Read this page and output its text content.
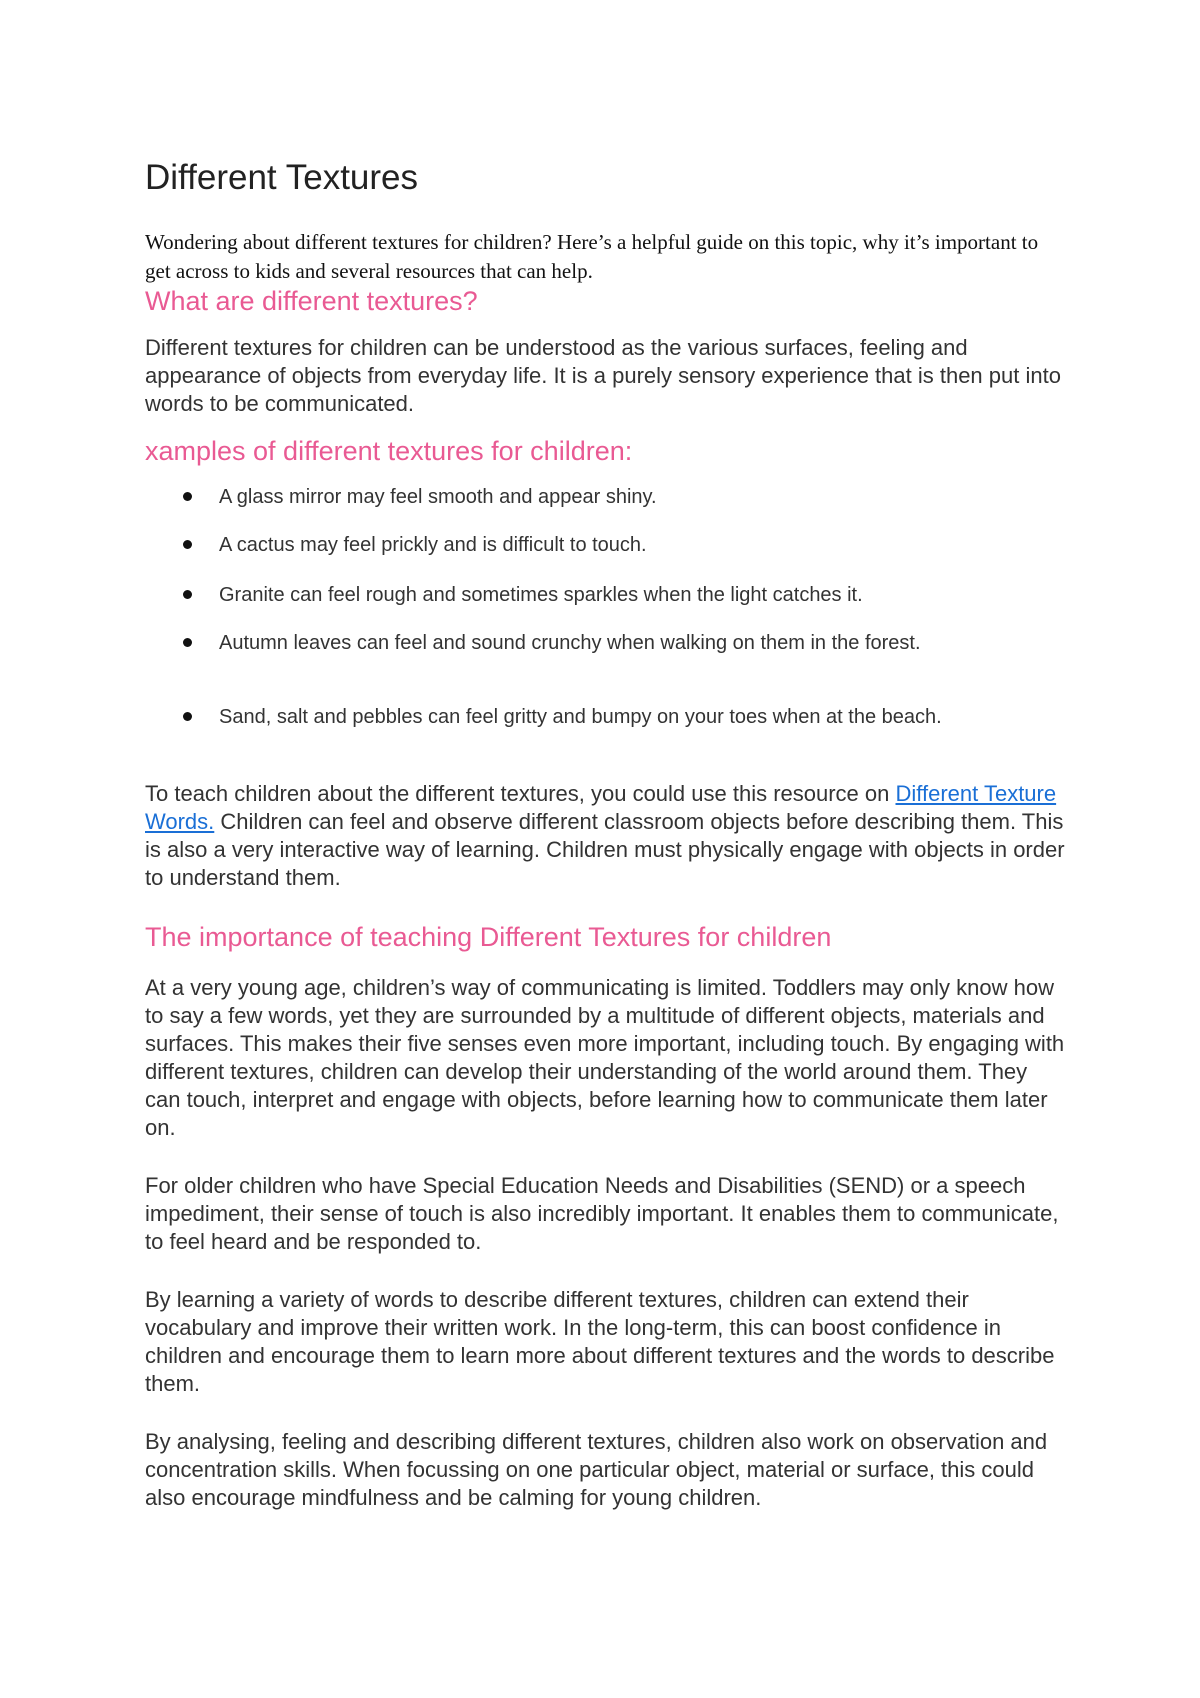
Different Textures

Wondering about different textures for children? Here’s a helpful guide on this topic, why it’s important to get across to kids and several resources that can help.

What are different textures?

Different textures for children can be understood as the various surfaces, feeling and appearance of objects from everyday life. It is a purely sensory experience that is then put into words to be communicated.

xamples of different textures for children:
A glass mirror may feel smooth and appear shiny.
A cactus may feel prickly and is difficult to touch.
Granite can feel rough and sometimes sparkles when the light catches it.
Autumn leaves can feel and sound crunchy when walking on them in the forest.
Sand, salt and pebbles can feel gritty and bumpy on your toes when at the beach.

To teach children about the different textures, you could use this resource on Different Texture Words. Children can feel and observe different classroom objects before describing them. This is also a very interactive way of learning. Children must physically engage with objects in order to understand them.

The importance of teaching Different Textures for children

At a very young age, children’s way of communicating is limited. Toddlers may only know how to say a few words, yet they are surrounded by a multitude of different objects, materials and surfaces. This makes their five senses even more important, including touch. By engaging with different textures, children can develop their understanding of the world around them. They can touch, interpret and engage with objects, before learning how to communicate them later on.

For older children who have Special Education Needs and Disabilities (SEND) or a speech impediment, their sense of touch is also incredibly important. It enables them to communicate, to feel heard and be responded to.

By learning a variety of words to describe different textures, children can extend their vocabulary and improve their written work. In the long-term, this can boost confidence in children and encourage them to learn more about different textures and the words to describe them.

By analysing, feeling and describing different textures, children also work on observation and concentration skills. When focussing on one particular object, material or surface, this could also encourage mindfulness and be calming for young children.
